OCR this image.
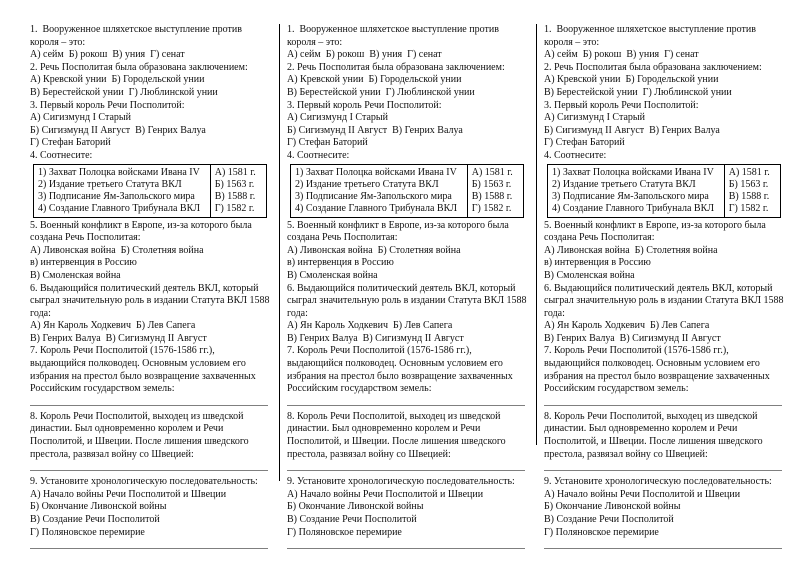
1.  Вооруженное шляхетское выступление против короля – это:
А) сейм  Б) рокош  В) уния  Г) сенат
2. Речь Посполитая была образована заключением:
А) Кревской унии  Б) Городельской унии
В) Берестейской унии  Г) Люблинской унии
3. Первый король Речи Посполитой:
А) Сигизмунд I Старый
Б) Сигизмунд II Август  В) Генрих Валуа
Г) Стефан Баторий
4. Соотнесите:
1) Захват Полоцка войсками Ивана IV	А) 1581 г.
2) Издание третьего Статута ВКЛ	Б) 1563 г.
3) Подписание Ям-Запольского мира	В) 1588 г.
4) Создание Главного Трибунала ВКЛ	Г) 1582 г.
5. Военный конфликт в Европе, из-за которого была создана Речь Посполитая:
А) Ливонская война  Б) Столетняя война
в) интервенция в Россию
В) Смоленская война
6. Выдающийся политический деятель ВКЛ, который сыграл значительную роль в издании Статута ВКЛ 1588 года:
А) Ян Кароль Ходкевич  Б) Лев Сапега
В) Генрих Валуа  В) Сигизмунд II Август
7. Король Речи Посполитой (1576-1586 гг.), выдающийся полководец. Основным условием его избрания на престол было возвращение захваченных Российским государством земель:
8. Король Речи Посполитой, выходец из шведской династии. Был одновременно королем и Речи Посполитой, и Швеции. После лишения шведского престола, развязал войну со Швецией:
9. Установите хронологическую последовательность:
А) Начало войны Речи Посполитой и Швеции
Б) Окончание Ливонской войны
В) Создание Речи Посполитой
Г) Поляновское перемирие
1.  Вооруженное шляхетское выступление против короля – это:
А) сейм  Б) рокош  В) уния  Г) сенат
2. Речь Посполитая была образована заключением:
А) Кревской унии  Б) Городельской унии
В) Берестейской унии  Г) Люблинской унии
3. Первый король Речи Посполитой:
А) Сигизмунд I Старый
Б) Сигизмунд II Август  В) Генрих Валуа
Г) Стефан Баторий
4. Соотнесите:
1) Захват Полоцка войсками Ивана IV	А) 1581 г.
2) Издание третьего Статута ВКЛ	Б) 1563 г.
3) Подписание Ям-Запольского мира	В) 1588 г.
4) Создание Главного Трибунала ВКЛ	Г) 1582 г.
5. Военный конфликт в Европе, из-за которого была создана Речь Посполитая:
А) Ливонская война  Б) Столетняя война
в) интервенция в Россию
В) Смоленская война
6. Выдающийся политический деятель ВКЛ, который сыграл значительную роль в издании Статута ВКЛ 1588 года:
А) Ян Кароль Ходкевич  Б) Лев Сапега
В) Генрих Валуа  В) Сигизмунд II Август
7. Король Речи Посполитой (1576-1586 гг.), выдающийся полководец. Основным условием его избрания на престол было возвращение захваченных Российским государством земель:
8. Король Речи Посполитой, выходец из шведской династии. Был одновременно королем и Речи Посполитой, и Швеции. После лишения шведского престола, развязал войну со Швецией:
9. Установите хронологическую последовательность:
А) Начало войны Речи Посполитой и Швеции
Б) Окончание Ливонской войны
В) Создание Речи Посполитой
Г) Поляновское перемирие
1.  Вооруженное шляхетское выступление против короля – это:
А) сейм  Б) рокош  В) уния  Г) сенат
2. Речь Посполитая была образована заключением:
А) Кревской унии  Б) Городельской унии
В) Берестейской унии  Г) Люблинской унии
3. Первый король Речи Посполитой:
А) Сигизмунд I Старый
Б) Сигизмунд II Август  В) Генрих Валуа
Г) Стефан Баторий
4. Соотнесите:
1) Захват Полоцка войсками Ивана IV	А) 1581 г.
2) Издание третьего Статута ВКЛ	Б) 1563 г.
3) Подписание Ям-Запольского мира	В) 1588 г.
4) Создание Главного Трибунала ВКЛ	Г) 1582 г.
5. Военный конфликт в Европе, из-за которого была создана Речь Посполитая:
А) Ливонская война  Б) Столетняя война
в) интервенция в Россию
В) Смоленская война
6. Выдающийся политический деятель ВКЛ, который сыграл значительную роль в издании Статута ВКЛ 1588 года:
А) Ян Кароль Ходкевич  Б) Лев Сапега
В) Генрих Валуа  В) Сигизмунд II Август
7. Король Речи Посполитой (1576-1586 гг.), выдающийся полководец. Основным условием его избрания на престол было возвращение захваченных Российским государством земель:
8. Король Речи Посполитой, выходец из шведской династии. Был одновременно королем и Речи Посполитой, и Швеции. После лишения шведского престола, развязал войну со Швецией:
9. Установите хронологическую последовательность:
А) Начало войны Речи Посполитой и Швеции
Б) Окончание Ливонской войны
В) Создание Речи Посполитой
Г) Поляновское перемирие
